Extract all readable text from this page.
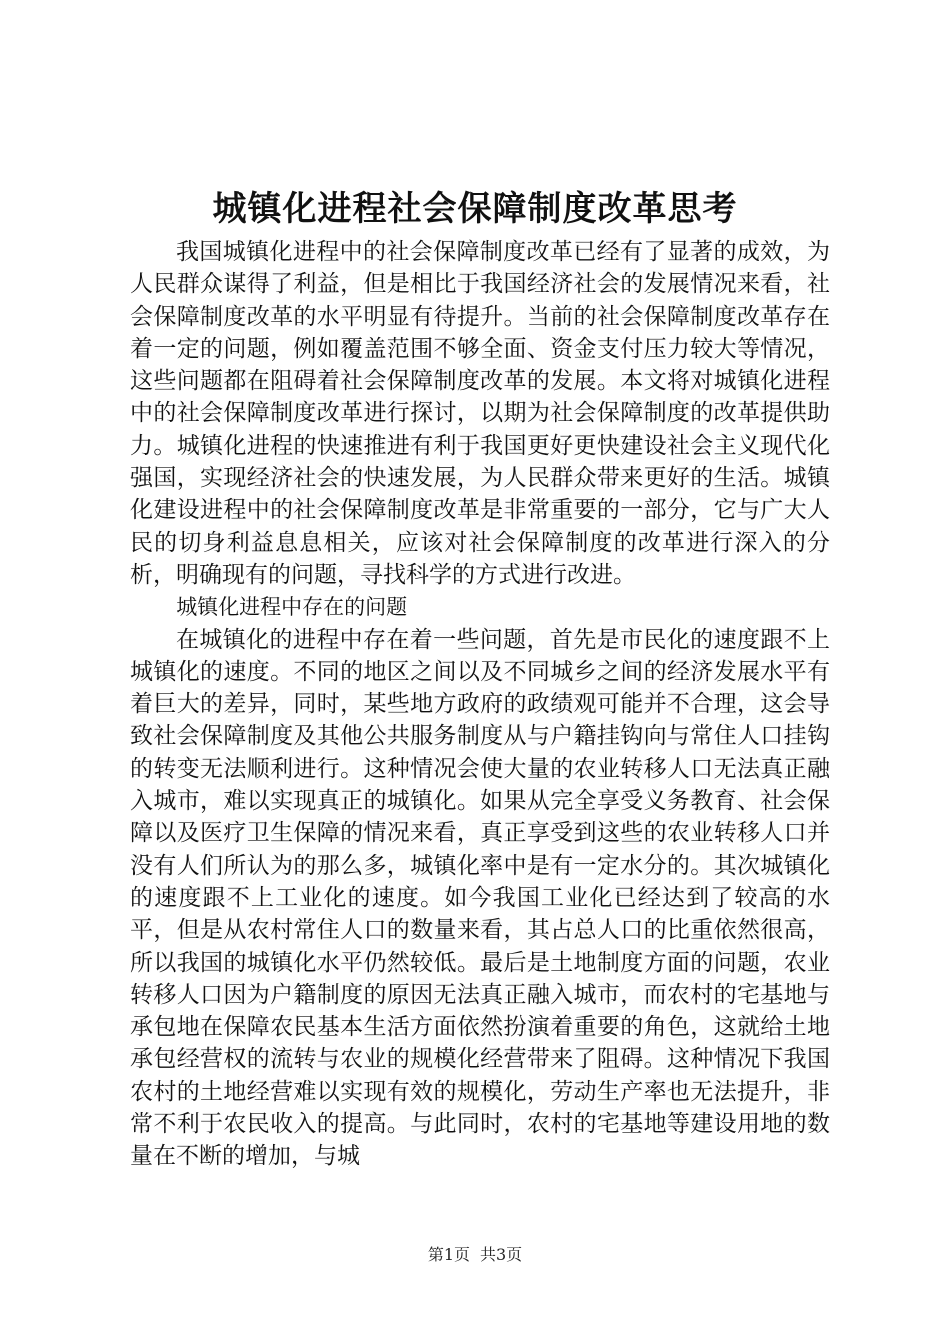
城镇化进程社会保障制度改革思考

我国城镇化进程中的社会保障制度改革已经有了显著的成效，为人民群众谋得了利益，但是相比于我国经济社会的发展情况来看，社会保障制度改革的水平明显有待提升。当前的社会保障制度改革存在着一定的问题，例如覆盖范围不够全面、资金支付压力较大等情况，这些问题都在阻碍着社会保障制度改革的发展。本文将对城镇化进程中的社会保障制度改革进行探讨，以期为社会保障制度的改革提供助力。城镇化进程的快速推进有利于我国更好更快建设社会主义现代化强国，实现经济社会的快速发展，为人民群众带来更好的生活。城镇化建设进程中的社会保障制度改革是非常重要的一部分，它与广大人民的切身利益息息相关，应该对社会保障制度的改革进行深入的分析，明确现有的问题，寻找科学的方式进行改进。

城镇化进程中存在的问题

在城镇化的进程中存在着一些问题，首先是市民化的速度跟不上城镇化的速度。不同的地区之间以及不同城乡之间的经济发展水平有着巨大的差异，同时，某些地方政府的政绩观可能并不合理，这会导致社会保障制度及其他公共服务制度从与户籍挂钩向与常住人口挂钩的转变无法顺利进行。这种情况会使大量的农业转移人口无法真正融入城市，难以实现真正的城镇化。如果从完全享受义务教育、社会保障以及医疗卫生保障的情况来看，真正享受到这些的农业转移人口并没有人们所认为的那么多，城镇化率中是有一定水分的。其次城镇化的速度跟不上工业化的速度。如今我国工业化已经达到了较高的水平，但是从农村常住人口的数量来看，其占总人口的比重依然很高，所以我国的城镇化水平仍然较低。最后是土地制度方面的问题，农业转移人口因为户籍制度的原因无法真正融入城市，而农村的宅基地与承包地在保障农民基本生活方面依然扮演着重要的角色，这就给土地承包经营权的流转与农业的规模化经营带来了阻碍。这种情况下我国农村的土地经营难以实现有效的规模化，劳动生产率也无法提升，非常不利于农民收入的提高。与此同时，农村的宅基地等建设用地的数量在不断的增加，与城

第1页 共3页
